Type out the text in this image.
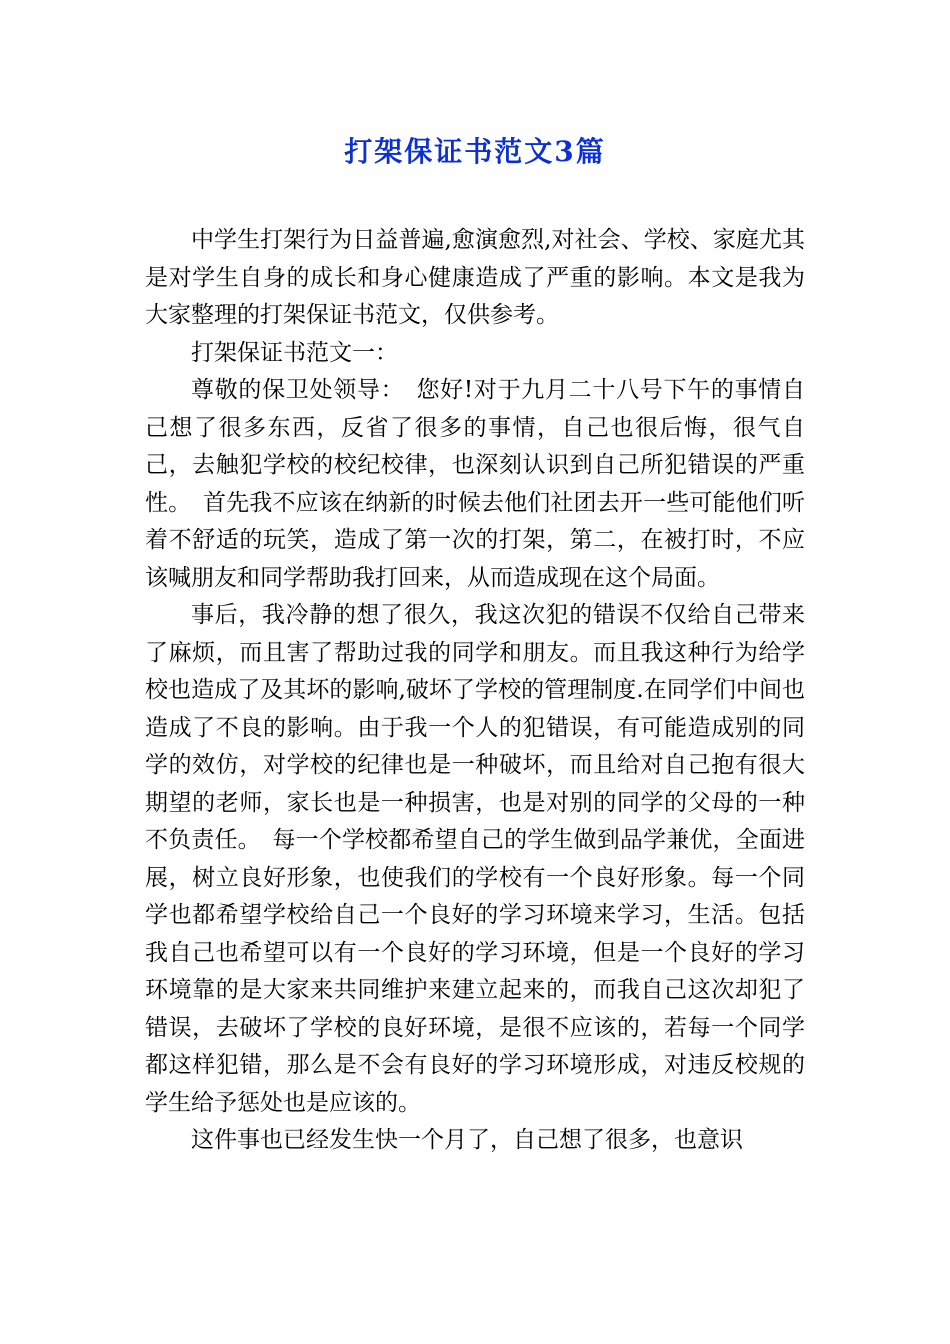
打架保证书范文3篇

中学生打架行为日益普遍,愈演愈烈,对社会、学校、家庭尤其是对学生自身的成长和身心健康造成了严重的影响。本文是我为大家整理的打架保证书范文，仅供参考。

打架保证书范文一：

尊敬的保卫处领导：　您好!对于九月二十八号下午的事情自己想了很多东西，反省了很多的事情，自己也很后悔，很气自己，去触犯学校的校纪校律，也深刻认识到自己所犯错误的严重性。　首先我不应该在纳新的时候去他们社团去开一些可能他们听着不舒适的玩笑，造成了第一次的打架，第二，在被打时，不应该喊朋友和同学帮助我打回来，从而造成现在这个局面。

事后，我冷静的想了很久，我这次犯的错误不仅给自己带来了麻烦，而且害了帮助过我的同学和朋友。而且我这种行为给学校也造成了及其坏的影响,破坏了学校的管理制度.在同学们中间也造成了不良的影响。由于我一个人的犯错误，有可能造成别的同学的效仿，对学校的纪律也是一种破坏，而且给对自己抱有很大期望的老师，家长也是一种损害，也是对别的同学的父母的一种不负责任。　每一个学校都希望自己的学生做到品学兼优，全面进展，树立良好形象，也使我们的学校有一个良好形象。每一个同学也都希望学校给自己一个良好的学习环境来学习，生活。包括我自己也希望可以有一个良好的学习环境，但是一个良好的学习环境靠的是大家来共同维护来建立起来的，而我自己这次却犯了错误，去破坏了学校的良好环境，是很不应该的，若每一个同学都这样犯错，那么是不会有良好的学习环境形成，对违反校规的学生给予惩处也是应该的。

这件事也已经发生快一个月了，自己想了很多，也意识
